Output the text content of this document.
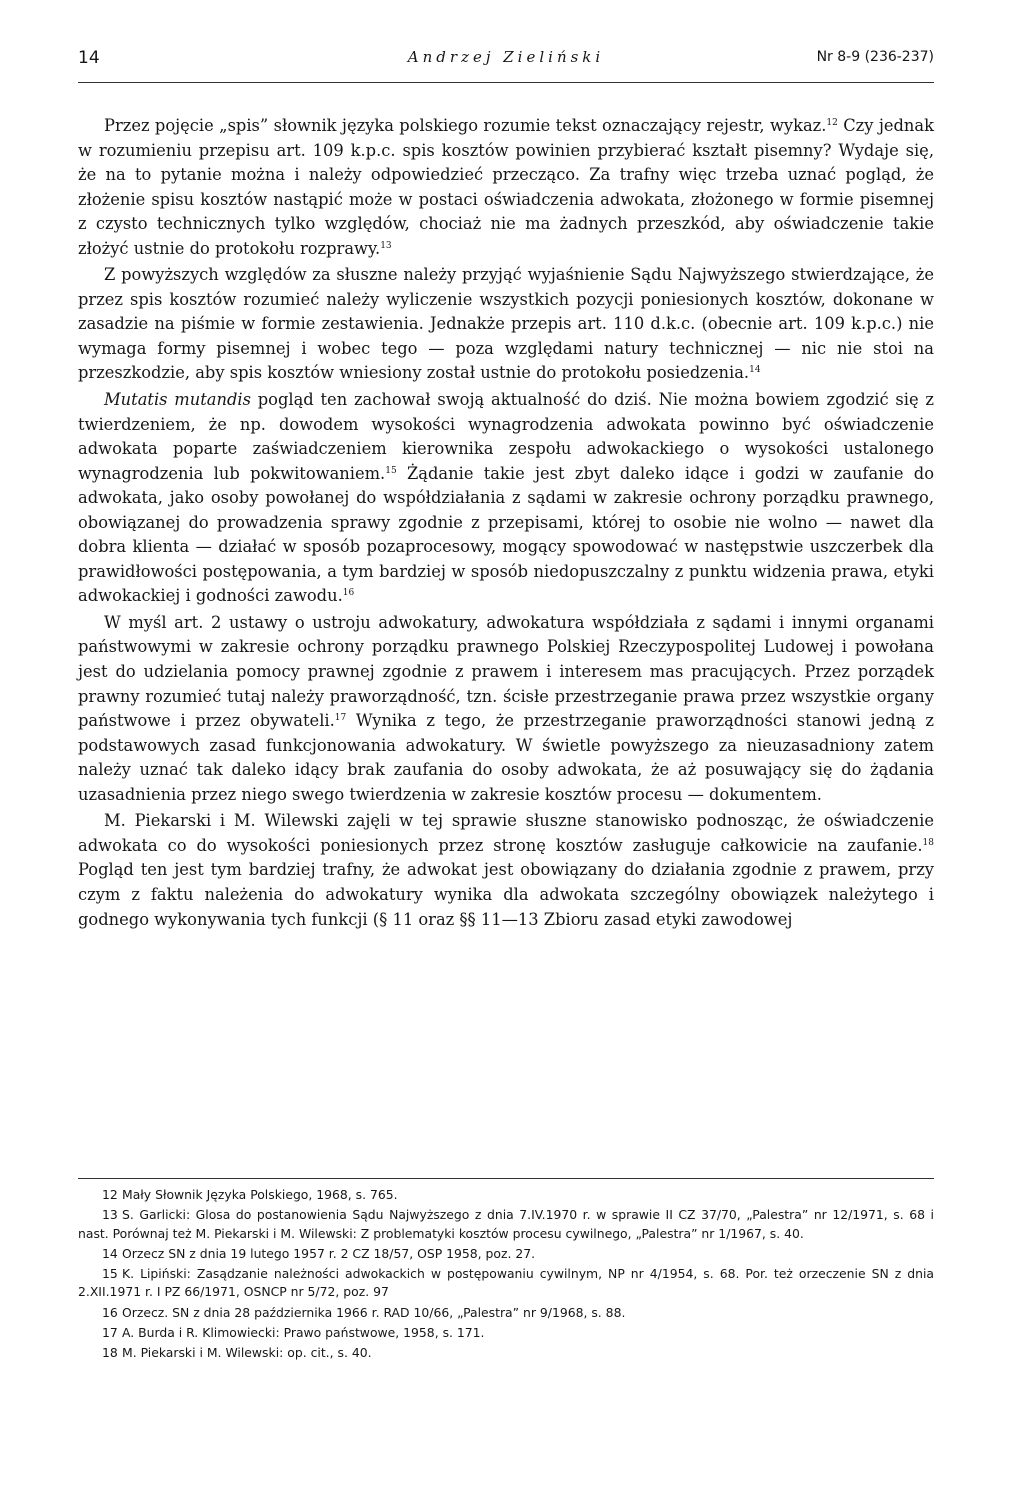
14	Andrzej Zieliński	Nr 8-9 (236-237)

Przez pojęcie „spis” słownik języka polskiego rozumie tekst oznaczający rejestr, wykaz.$^{12}$ Czy jednak w rozumieniu przepisu art. 109 k.p.c. spis kosztów powinien przybierać kształt pisemny? Wydaje się, że na to pytanie można i należy odpowiedzieć przecząco. Za trafny więc trzeba uznać pogląd, że złożenie spisu kosztów nastąpić może w postaci oświadczenia adwokata, złożonego w formie pisemnej z czysto technicznych tylko względów, chociaż nie ma żadnych przeszkód, aby oświadczenie takie złożyć ustnie do protokołu rozprawy.$^{13}$

Z powyższych względów za słuszne należy przyjąć wyjaśnienie Sądu Najwyższego stwierdzające, że przez spis kosztów rozumieć należy wyliczenie wszystkich pozycji poniesionych kosztów, dokonane w zasadzie na piśmie w formie zestawienia. Jednakże przepis art. 110 d.k.c. (obecnie art. 109 k.p.c.) nie wymaga formy pisemnej i wobec tego — poza względami natury technicznej — nic nie stoi na przeszkodzie, aby spis kosztów wniesiony został ustnie do protokołu posiedzenia.$^{14}$

Mutatis mutandis pogląd ten zachował swoją aktualność do dziś. Nie można bowiem zgodzić się z twierdzeniem, że np. dowodem wysokości wynagrodzenia adwokata powinno być oświadczenie adwokata poparte zaświadczeniem kierownika zespołu adwokackiego o wysokości ustalonego wynagrodzenia lub pokwitowaniem.$^{15}$ Żądanie takie jest zbyt daleko idące i godzi w zaufanie do adwokata, jako osoby powołanej do współdziałania z sądami w zakresie ochrony porządku prawnego, obowiązanej do prowadzenia sprawy zgodnie z przepisami, której to osobie nie wolno — nawet dla dobra klienta — działać w sposób pozaprocesowy, mogący spowodować w następstwie uszczerbek dla prawidłowości postępowania, a tym bardziej w sposób niedopuszczalny z punktu widzenia prawa, etyki adwokackiej i godności zawodu.$^{16}$

W myśl art. 2 ustawy o ustroju adwokatury, adwokatura współdziała z sądami i innymi organami państwowymi w zakresie ochrony porządku prawnego Polskiej Rzeczypospolitej Ludowej i powołana jest do udzielania pomocy prawnej zgodnie z prawem i interesem mas pracujących. Przez porządek prawny rozumieć tutaj należy praworządność, tzn. ścisłe przestrzeganie prawa przez wszystkie organy państwowe i przez obywateli.$^{17}$ Wynika z tego, że przestrzeganie praworządności stanowi jedną z podstawowych zasad funkcjonowania adwokatury. W świetle powyższego za nieuzasadniony zatem należy uznać tak daleko idący brak zaufania do osoby adwokata, że aż posuwający się do żądania uzasadnienia przez niego swego twierdzenia w zakresie kosztów procesu — dokumentem.

M. Piekarski i M. Wilewski zajęli w tej sprawie słuszne stanowisko podnosząc, że oświadczenie adwokata co do wysokości poniesionych przez stronę kosztów zasługuje całkowicie na zaufanie.$^{18}$ Pogląd ten jest tym bardziej trafny, że adwokat jest obowiązany do działania zgodnie z prawem, przy czym z faktu należenia do adwokatury wynika dla adwokata szczególny obowiązek należytego i godnego wykonywania tych funkcji (§ 11 oraz §§ 11—13 Zbioru zasad etyki zawodowej

12 Mały Słownik Języka Polskiego, 1968, s. 765.

13 S. Garlicki: Glosa do postanowienia Sądu Najwyższego z dnia 7.IV.1970 r. w sprawie II CZ 37/70, „Palestra” nr 12/1971, s. 68 i nast. Porównaj też M. Piekarski i M. Wilewski: Z problematyki kosztów procesu cywilnego, „Palestra” nr 1/1967, s. 40.

14 Orzecz SN z dnia 19 lutego 1957 r. 2 CZ 18/57, OSP 1958, poz. 27.

15 K. Lipiński: Zasądzanie należności adwokackich w postępowaniu cywilnym, NP nr 4/1954, s. 68. Por. też orzeczenie SN z dnia 2.XII.1971 r. I PZ 66/1971, OSNCP nr 5/72, poz. 97

16 Orzecz. SN z dnia 28 października 1966 r. RAD 10/66, „Palestra” nr 9/1968, s. 88.

17 A. Burda i R. Klimowiecki: Prawo państwowe, 1958, s. 171.

18 M. Piekarski i M. Wilewski: op. cit., s. 40.
